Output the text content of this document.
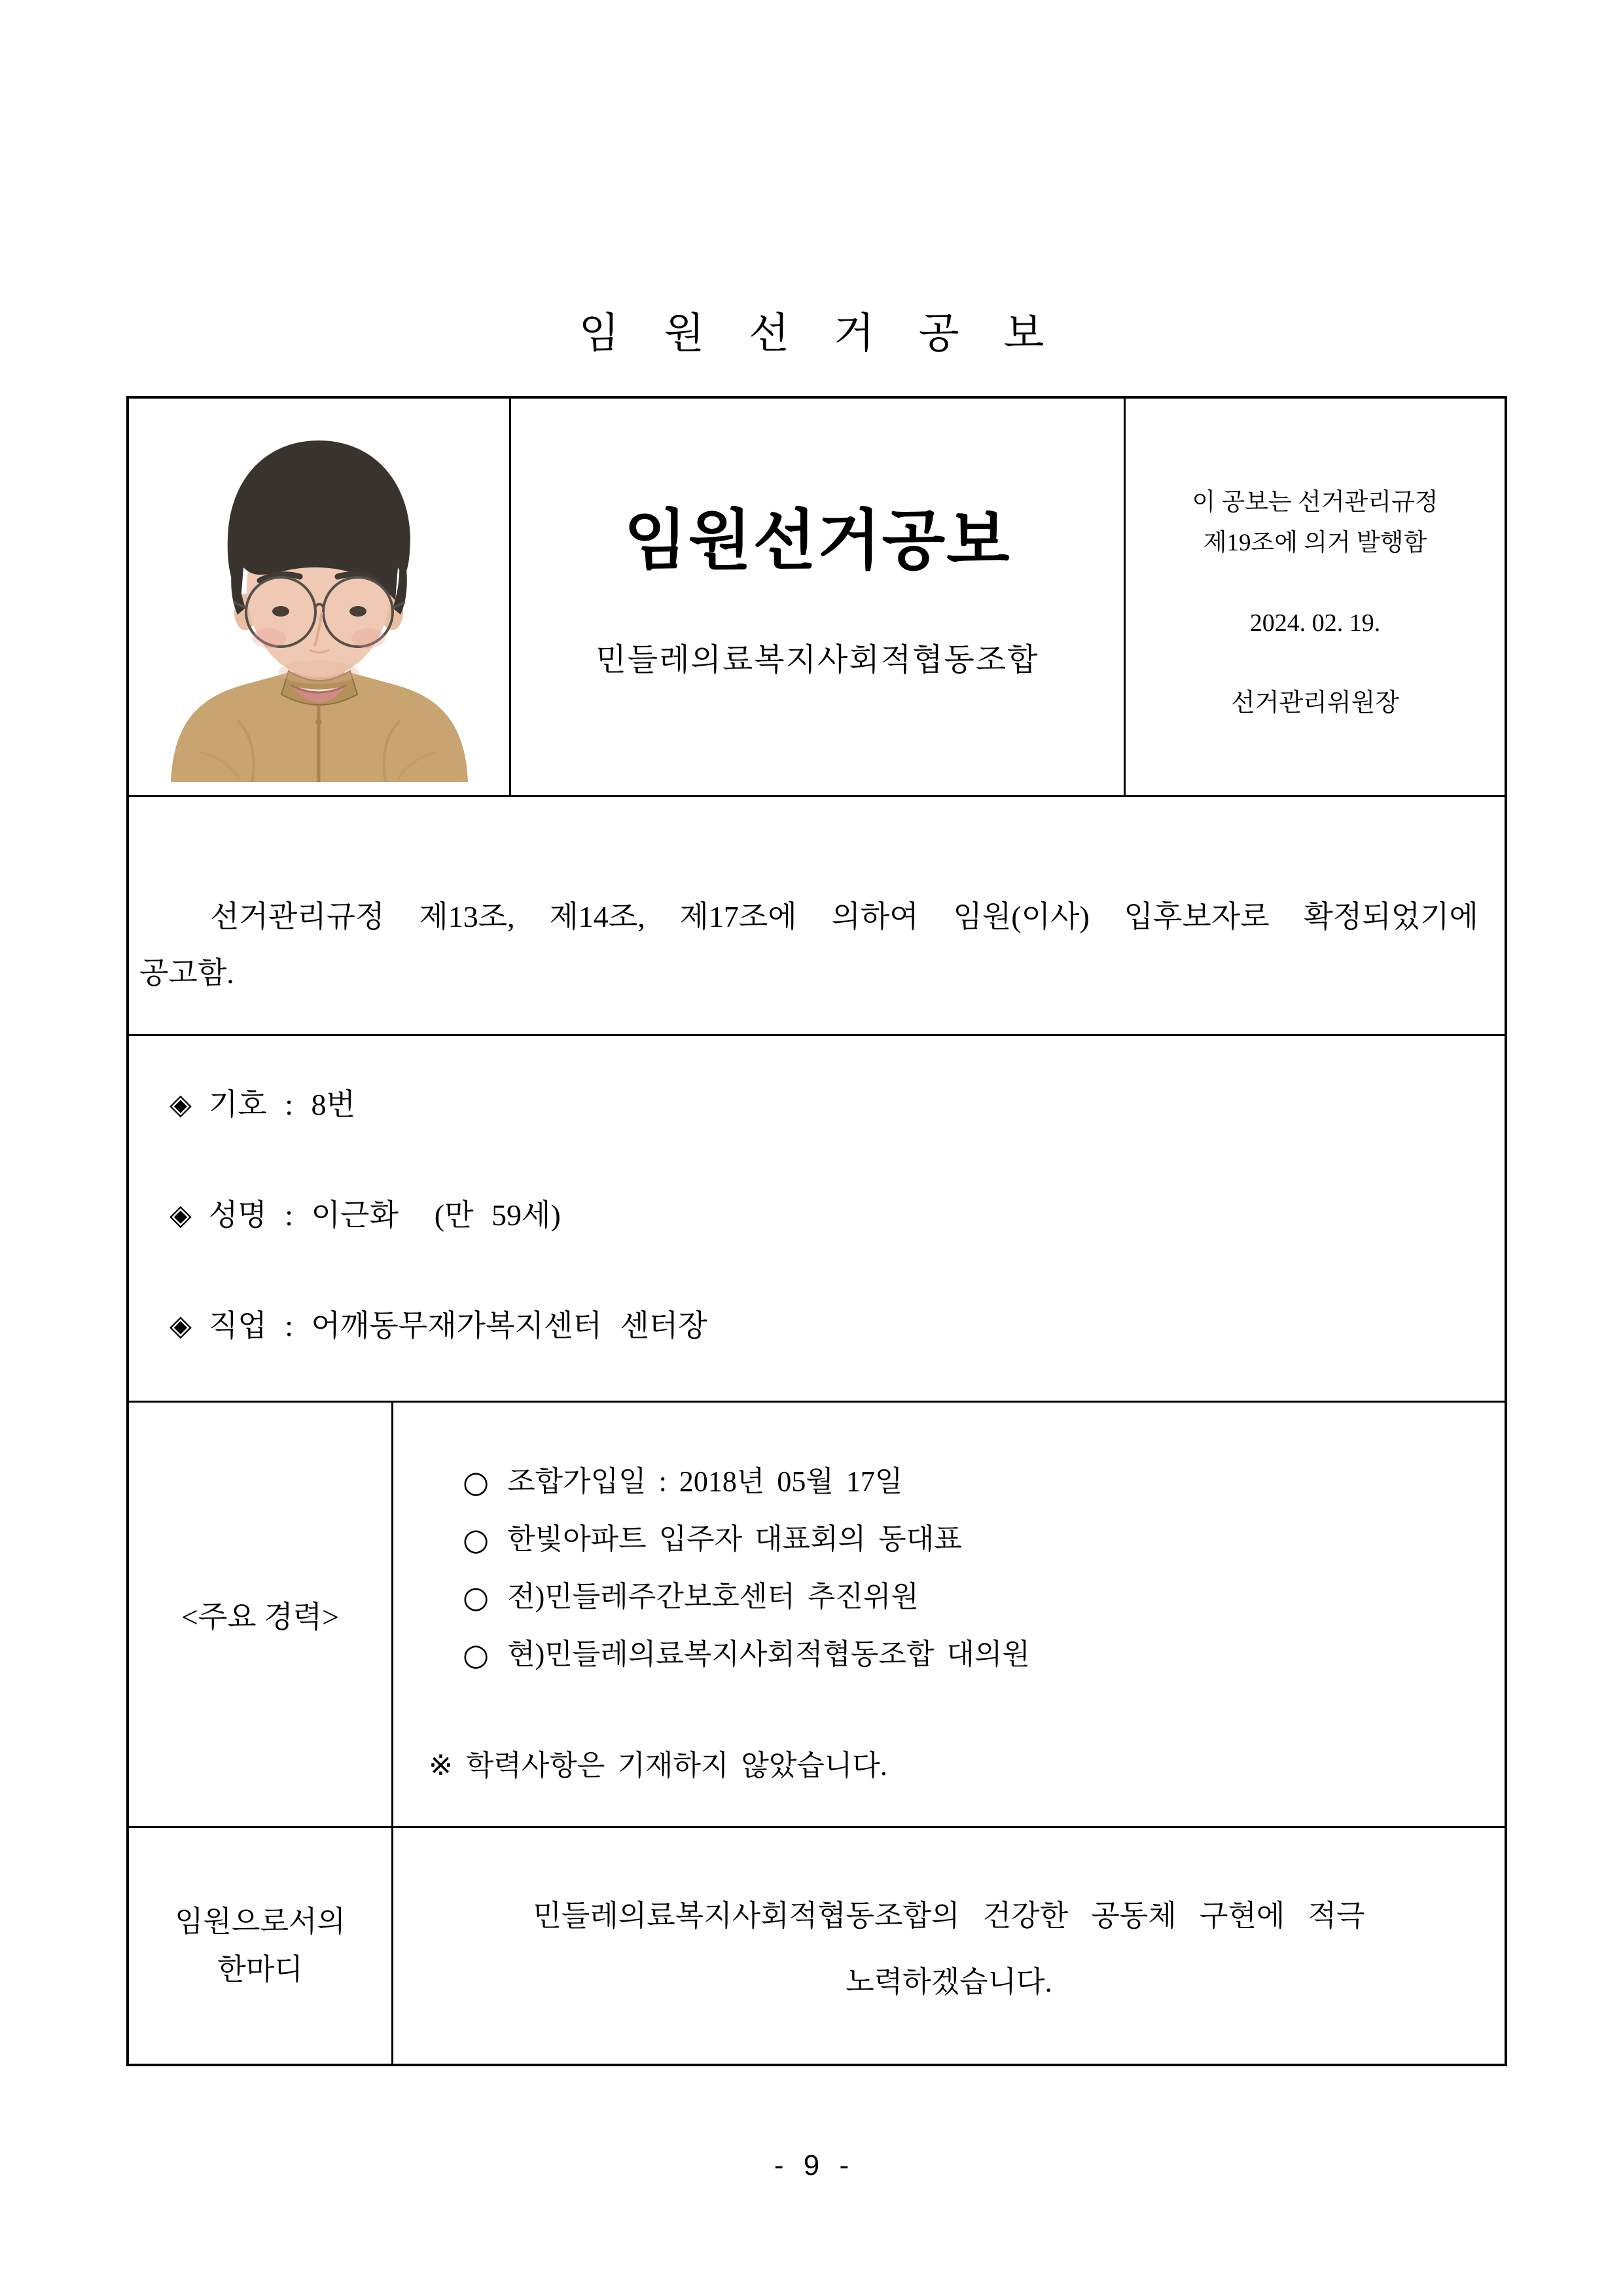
임 원 선 거 공 보
임원선거공보
민들레의료복지사회적협동조합
이 공보는 선거관리규정
제19조에 의거 발행함
2024. 02. 19.
선거관리위원장
선거관리규정 제13조, 제14조, 제17조에 의하여 임원(이사) 입후보자로 확정되었기에
공고함.
◈ 기호 : 8번
◈ 성명 : 이근화  (만 59세)
◈ 직업 : 어깨동무재가복지센터 센터장
<주요 경력>
○ 조합가입일 : 2018년 05월 17일
○ 한빛아파트 입주자 대표회의 동대표
○ 전)민들레주간보호센터 추진위원
○ 현)민들레의료복지사회적협동조합 대의원
※ 학력사항은 기재하지 않았습니다.
임원으로서의
한마디
민들레의료복지사회적협동조합의 건강한 공동체 구현에 적극
노력하겠습니다.
- 9 -
